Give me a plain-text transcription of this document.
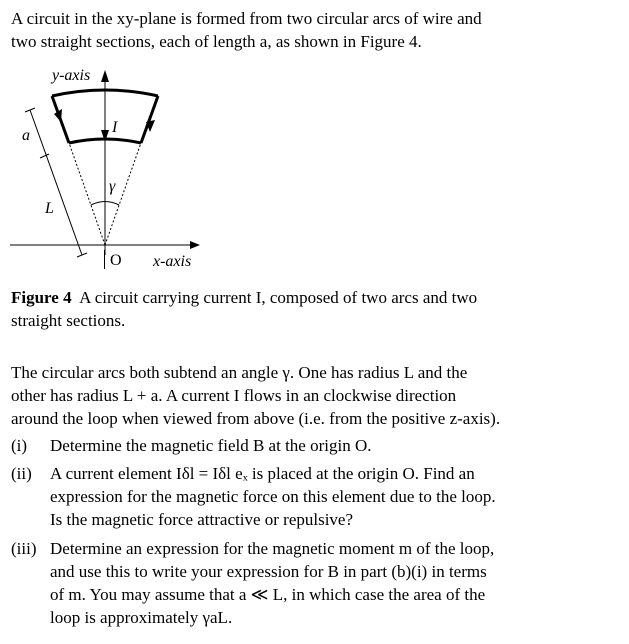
A circuit in the xy-plane is formed from two circular arcs of wire and
two straight sections, each of length a, as shown in Figure 4.
y-axis
x-axis
O
I
γ
L
a
Figure 4  A circuit carrying current I, composed of two arcs and two
straight sections.
The circular arcs both subtend an angle γ. One has radius L and the
other has radius L + a. A current I flows in an clockwise direction
around the loop when viewed from above (i.e. from the positive z-axis).
(i) Determine the magnetic field B at the origin O.
(ii) A current element Iδl = Iδl eₓ is placed at the origin O. Find an
expression for the magnetic force on this element due to the loop.
Is the magnetic force attractive or repulsive?
(iii) Determine an expression for the magnetic moment m of the loop,
and use this to write your expression for B in part (b)(i) in terms
of m. You may assume that a ≪ L, in which case the area of the
loop is approximately γaL.
